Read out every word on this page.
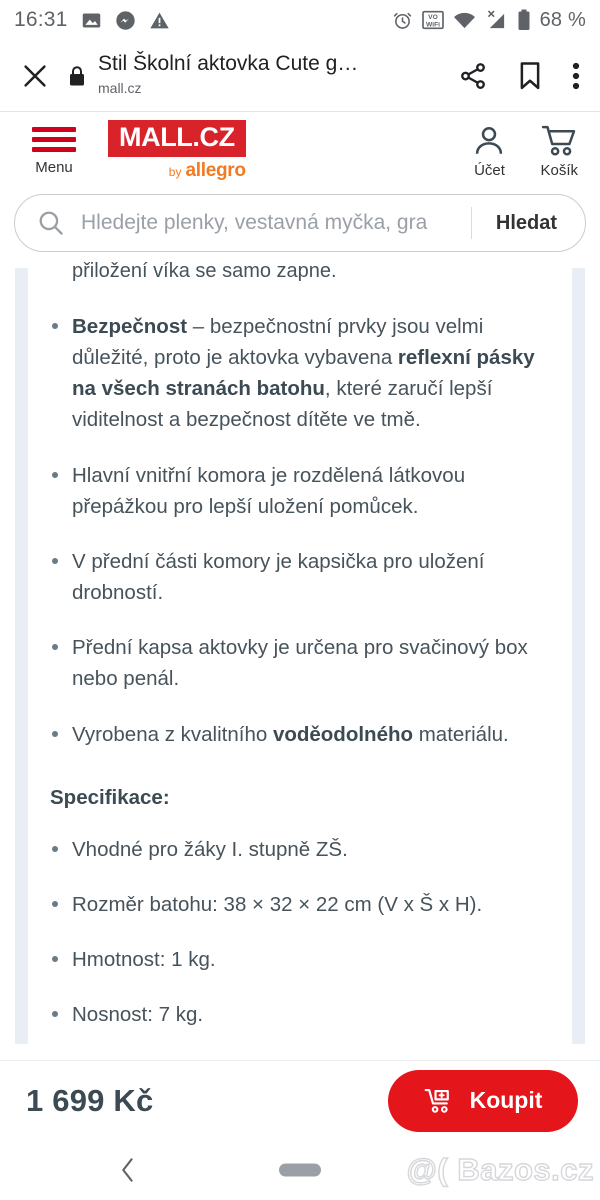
16:31	VO
WiFi	68 %
Stil Školní aktovka Cute g…
mall.cz
Menu
MALL.CZ
by allegro	Účet Košík
Hledejte plenky, vestavná myčka, gra	Hledat
přiložení víka se samo zapne.
Bezpečnost – bezpečnostní prvky jsou velmi důležité, proto je aktovka vybavena reflexní pásky na všech stranách batohu, které zaručí lepší viditelnost a bezpečnost dítěte ve tmě.
Hlavní vnitřní komora je rozdělená látkovou přepážkou pro lepší uložení pomůcek.
V přední části komory je kapsička pro uložení drobností.
Přední kapsa aktovky je určena pro svačinový box nebo penál.
Vyrobena z kvalitního voděodolného materiálu.
Specifikace:
Vhodné pro žáky I. stupně ZŠ.
Rozměr batohu: 38 × 32 × 22 cm (V x Š x H).
Hmotnost: 1 kg.
Nosnost: 7 kg.
1 699 Kč	Koupit
@( Bazos.cz
